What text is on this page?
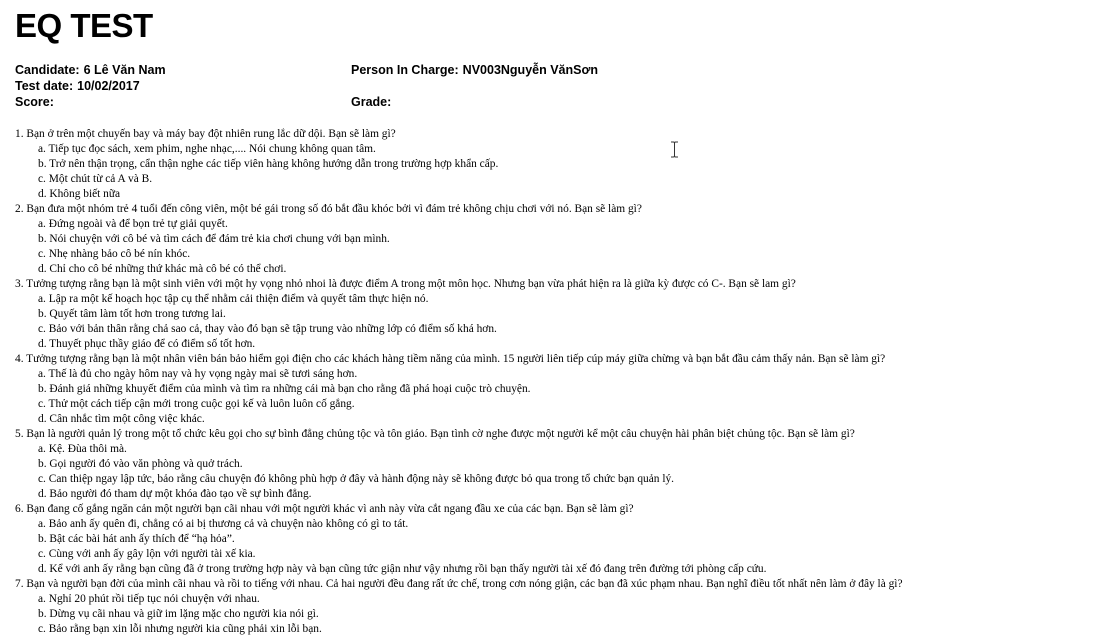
EQ TEST
Candidate: 6 Lê Văn Nam
Test date: 10/02/2017
Score:
Person In Charge: NV003Nguyễn VănSơn
Grade:
1. Bạn ở trên một chuyến bay và máy bay đột nhiên rung lắc dữ dội. Bạn sẽ làm gì?
a. Tiếp tục đọc sách, xem phim, nghe nhạc,.... Nói chung không quan tâm.
b. Trở nên thận trọng, cẩn thận nghe các tiếp viên hàng không hướng dẫn trong trường hợp khẩn cấp.
c. Một chút từ cả A và B.
d. Không biết nữa
2. Bạn đưa một nhóm trẻ 4 tuổi đến công viên, một bé gái trong số đó bắt đầu khóc bởi vì đám trẻ không chịu chơi với nó. Bạn sẽ làm gì?
a. Đứng ngoài và để bọn trẻ tự giải quyết.
b. Nói chuyện với cô bé và tìm cách để đám trẻ kia chơi chung với bạn mình.
c. Nhẹ nhàng bảo cô bé nín khóc.
d. Chỉ cho cô bé những thứ khác mà cô bé có thể chơi.
3. Tưởng tượng rằng bạn là một sinh viên với một hy vọng nhỏ nhoi là được điểm A trong một môn học. Nhưng bạn vừa phát hiện ra là giữa kỳ được có C-. Bạn sẽ lam gì?
a. Lập ra một kế hoạch học tập cụ thể nhằm cải thiện điểm và quyết tâm thực hiện nó.
b. Quyết tâm làm tốt hơn trong tương lai.
c. Bảo với bản thân rằng chả sao cả, thay vào đó bạn sẽ tập trung vào những lớp có điểm số khá hơn.
d. Thuyết phục thầy giáo để có điểm số tốt hơn.
4. Tưởng tượng rằng bạn là một nhân viên bán bảo hiểm gọi điện cho các khách hàng tiềm năng của mình. 15 người liên tiếp cúp máy giữa chừng và bạn bắt đầu cảm thấy nản. Bạn sẽ làm gì?
a. Thế là đủ cho ngày hôm nay và hy vọng ngày mai sẽ tươi sáng hơn.
b. Đánh giá những khuyết điểm của mình và tìm ra những cái mà bạn cho rằng đã phá hoại cuộc trò chuyện.
c. Thử một cách tiếp cận mới trong cuộc gọi kế và luôn luôn cố gắng.
d. Cân nhắc tìm một công việc khác.
5. Bạn là người quản lý trong một tổ chức kêu gọi cho sự bình đẳng chủng tộc và tôn giáo. Bạn tình cờ nghe được một người kể một câu chuyện hài phân biệt chủng tộc. Bạn sẽ làm gì?
a. Kệ. Đùa thôi mà.
b. Gọi người đó vào văn phòng và quở trách.
c. Can thiệp ngay lập tức, bảo rằng câu chuyện đó không phù hợp ở đây và hành động này sẽ không được bỏ qua trong tổ chức bạn quản lý.
d. Bảo người đó tham dự một khóa đào tạo về sự bình đẳng.
6. Bạn đang cố gắng ngăn cản một người bạn cãi nhau với một người khác vì anh này vừa cắt ngang đầu xe của các bạn. Bạn sẽ làm gì?
a. Bảo anh ấy quên đi, chẳng có ai bị thương cả và chuyện nào không có gì to tát.
b. Bật các bài hát anh ấy thích để “hạ hỏa”.
c. Cùng với anh ấy gây lộn với người tài xế kia.
d. Kể với anh ấy rằng bạn cũng đã ở trong trường hợp này và bạn cũng tức giận như vậy nhưng rồi bạn thấy người tài xế đó đang trên đường tới phòng cấp cứu.
7. Bạn và người bạn đời của mình cãi nhau và rồi to tiếng với nhau. Cả hai người đều đang rất ức chế, trong cơn nóng giận, các bạn đã xúc phạm nhau. Bạn nghĩ điều tốt nhất nên làm ở đây là gì?
a. Nghỉ 20 phút rồi tiếp tục nói chuyện với nhau.
b. Dừng vụ cãi nhau và giữ im lặng mặc cho người kia nói gì.
c. Bảo rằng bạn xin lỗi nhưng người kia cũng phải xin lỗi bạn.
